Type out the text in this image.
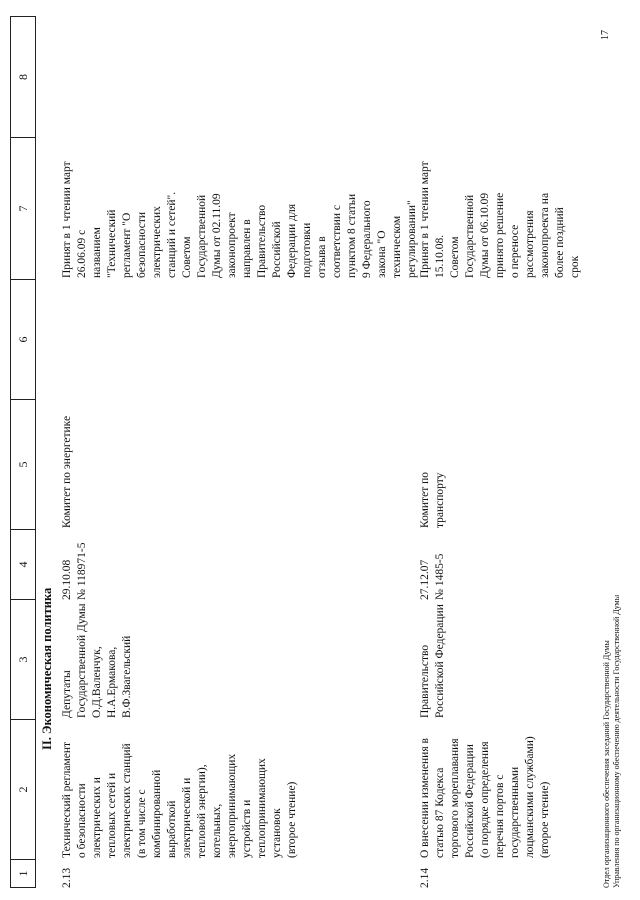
1
2
3
4
5
6
7
8
II. Экономическая политика
2.13
Технический регламент
о безопасности
электрических и
тепловых сетей и
электрических станций
(в том числе с
комбинированной
выработкой
электрической и
тепловой энергии),
котельных,
энергопринимающих
устройств и
теплопринимающих
установок
(второе чтение)
Депутаты
Государственной Думы
О.Д.Валенчук,
Н.А.Ермакова,
В.Ф.Звагельский
29.10.08
№ 118971-5
Комитет по энергетике
Принят в 1 чтении март
26.06.09 с
названием
"Технический
регламент "О
безопасности
электрических
станций и сетей".
Советом
Государственной
Думы от 02.11.09
законопроект
направлен в
Правительство
Российской
Федерации для
подготовки
отзыва в
соответствии с
пунктом 8 статьи
9 Федерального
закона "О
техническом
регулировании"
2.14
О внесении изменения в
статью 87 Кодекса
торгового мореплавания
Российской Федерации
(о порядке определения
перечня портов с
государственными
лоцманскими службами)
(второе чтение)
Правительство
Российской Федерации
27.12.07
№ 1485-5
Комитет по
транспорту
Принят в 1 чтении март
15.10.08.
Советом
Государственной
Думы от 06.10.09
принято решение
о переносе
рассмотрения
законопроекта на
более поздний
срок
Отдел организационного обеспечения заседаний Государственной Думы Управления по организационному обеспечению деятельности Государственной Думы
17
